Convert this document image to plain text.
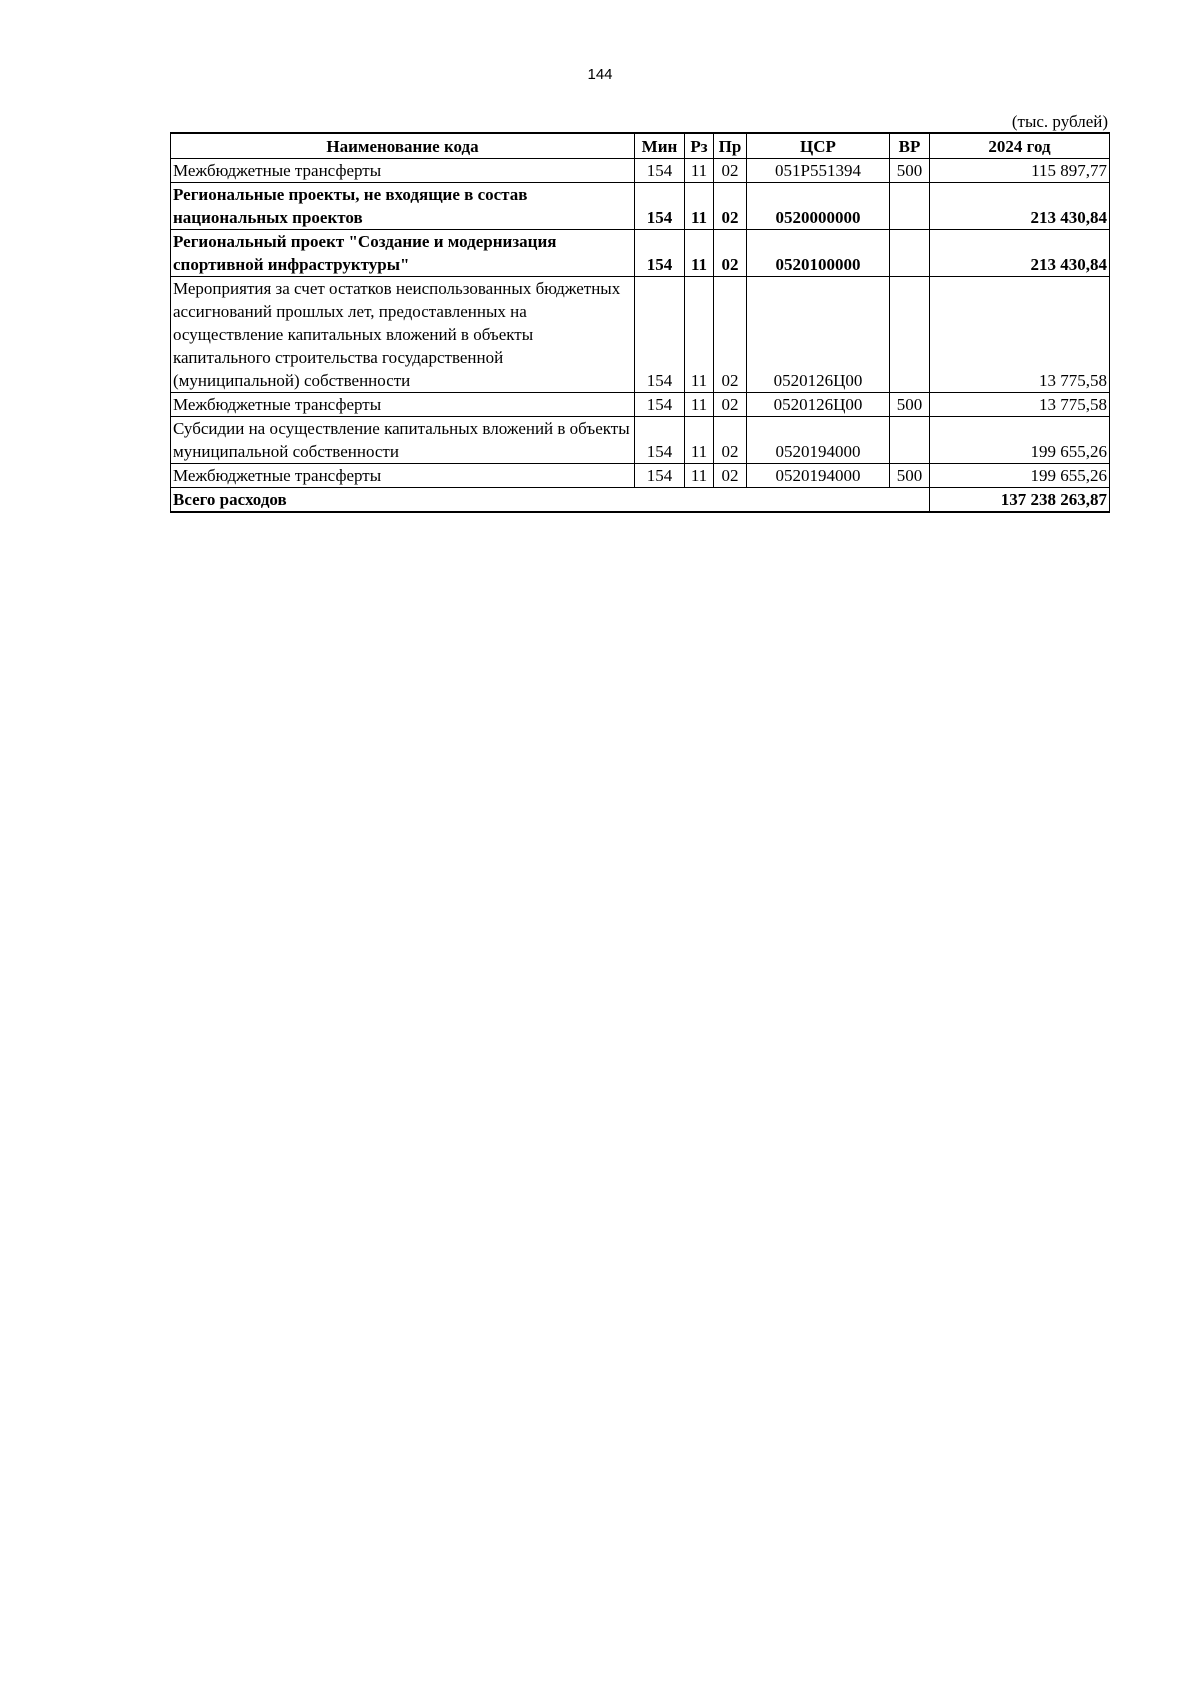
144
(тыс. рублей)
Наименование кода	Мин	Рз	Пр	ЦСР	ВР	2024 год
Межбюджетные трансферты	154	11	02	051P551394	500	115 897,77
Региональные проекты, не входящие в состав национальных проектов	154	11	02	0520000000		213 430,84
Региональный проект "Создание и модернизация спортивной инфраструктуры"	154	11	02	0520100000		213 430,84
Мероприятия за счет остатков неиспользованных бюджетных ассигнований прошлых лет, предоставленных на осуществление капитальных вложений в объекты капитального строительства государственной (муниципальной) собственности	154	11	02	0520126Ц00		13 775,58
Межбюджетные трансферты	154	11	02	0520126Ц00	500	13 775,58
Субсидии на осуществление капитальных вложений в объекты муниципальной собственности	154	11	02	0520194000		199 655,26
Межбюджетные трансферты	154	11	02	0520194000	500	199 655,26
Всего расходов						137 238 263,87
